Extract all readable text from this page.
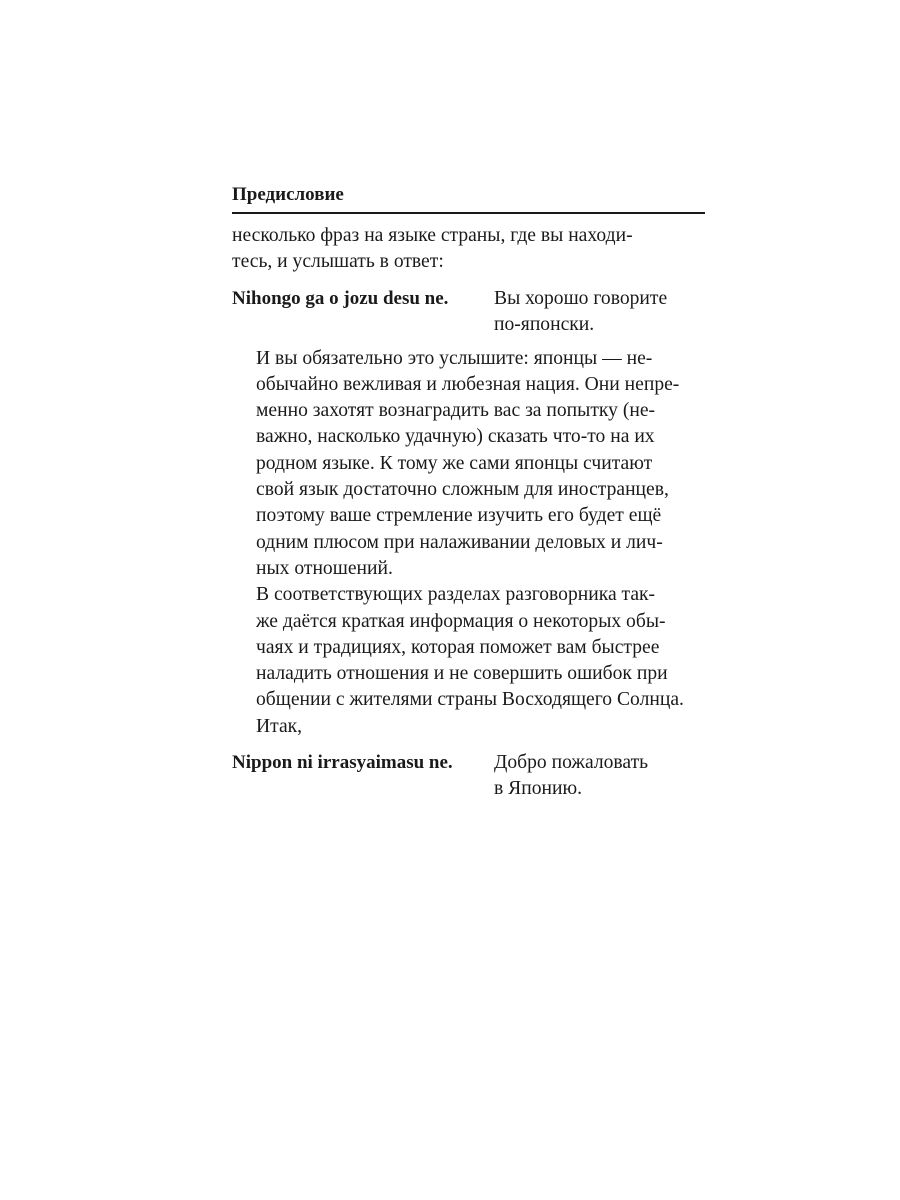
Предисловие

несколько фраз на языке страны, где вы находи-
тесь, и услышать в ответ:

Nihongo ga o jozu desu ne.	Вы хорошо говорите
по-японски.

И вы обязательно это услышите: японцы — не-
обычайно вежливая и любезная нация. Они непре-
менно захотят вознаградить вас за попытку (не-
важно, насколько удачную) сказать что-то на их
родном языке. К тому же сами японцы считают
свой язык достаточно сложным для иностранцев,
поэтому ваше стремление изучить его будет ещё
одним плюсом при налаживании деловых и лич-
ных отношений.

В соответствующих разделах разговорника так-
же даётся краткая информация о некоторых обы-
чаях и традициях, которая поможет вам быстрее
наладить отношения и не совершить ошибок при
общении с жителями страны Восходящего Солнца.

Итак,

Nippon ni irrasyaimasu ne.	Добро пожаловать
в Японию.
